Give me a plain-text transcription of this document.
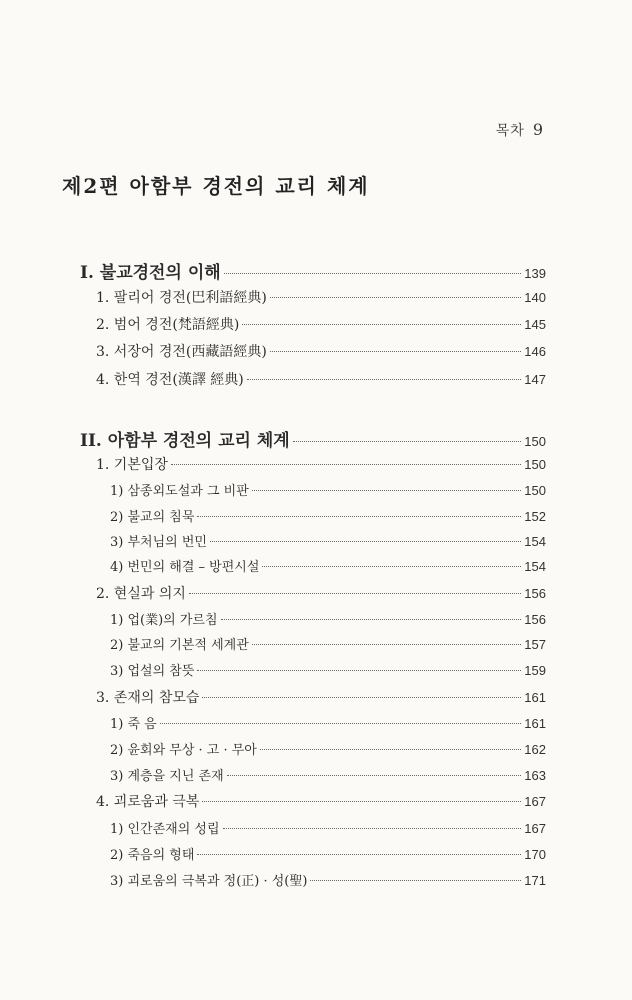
목차 9
제2편 아함부 경전의 교리 체계
I. 불교경전의 이해	139
1. 팔리어 경전(巴利語經典)	140
2. 범어 경전(梵語經典)	145
3. 서장어 경전(西藏語經典)	146
4. 한역 경전(漢譯 經典)	147
II. 아함부 경전의 교리 체계	150
1. 기본입장	150
1) 삼종외도설과 그 비판	150
2) 불교의 침묵	152
3) 부처님의 번민	154
4) 번민의 해결 – 방편시설	154
2. 현실과 의지	156
1) 업(業)의 가르침	156
2) 불교의 기본적 세계관	157
3) 업설의 참뜻	159
3. 존재의 참모습	161
1) 죽 음	161
2) 윤회와 무상 · 고 · 무아	162
3) 계층을 지닌 존재	163
4. 괴로움과 극복	167
1) 인간존재의 성립	167
2) 죽음의 형태	170
3) 괴로움의 극복과 정(正) · 성(聖)	171
